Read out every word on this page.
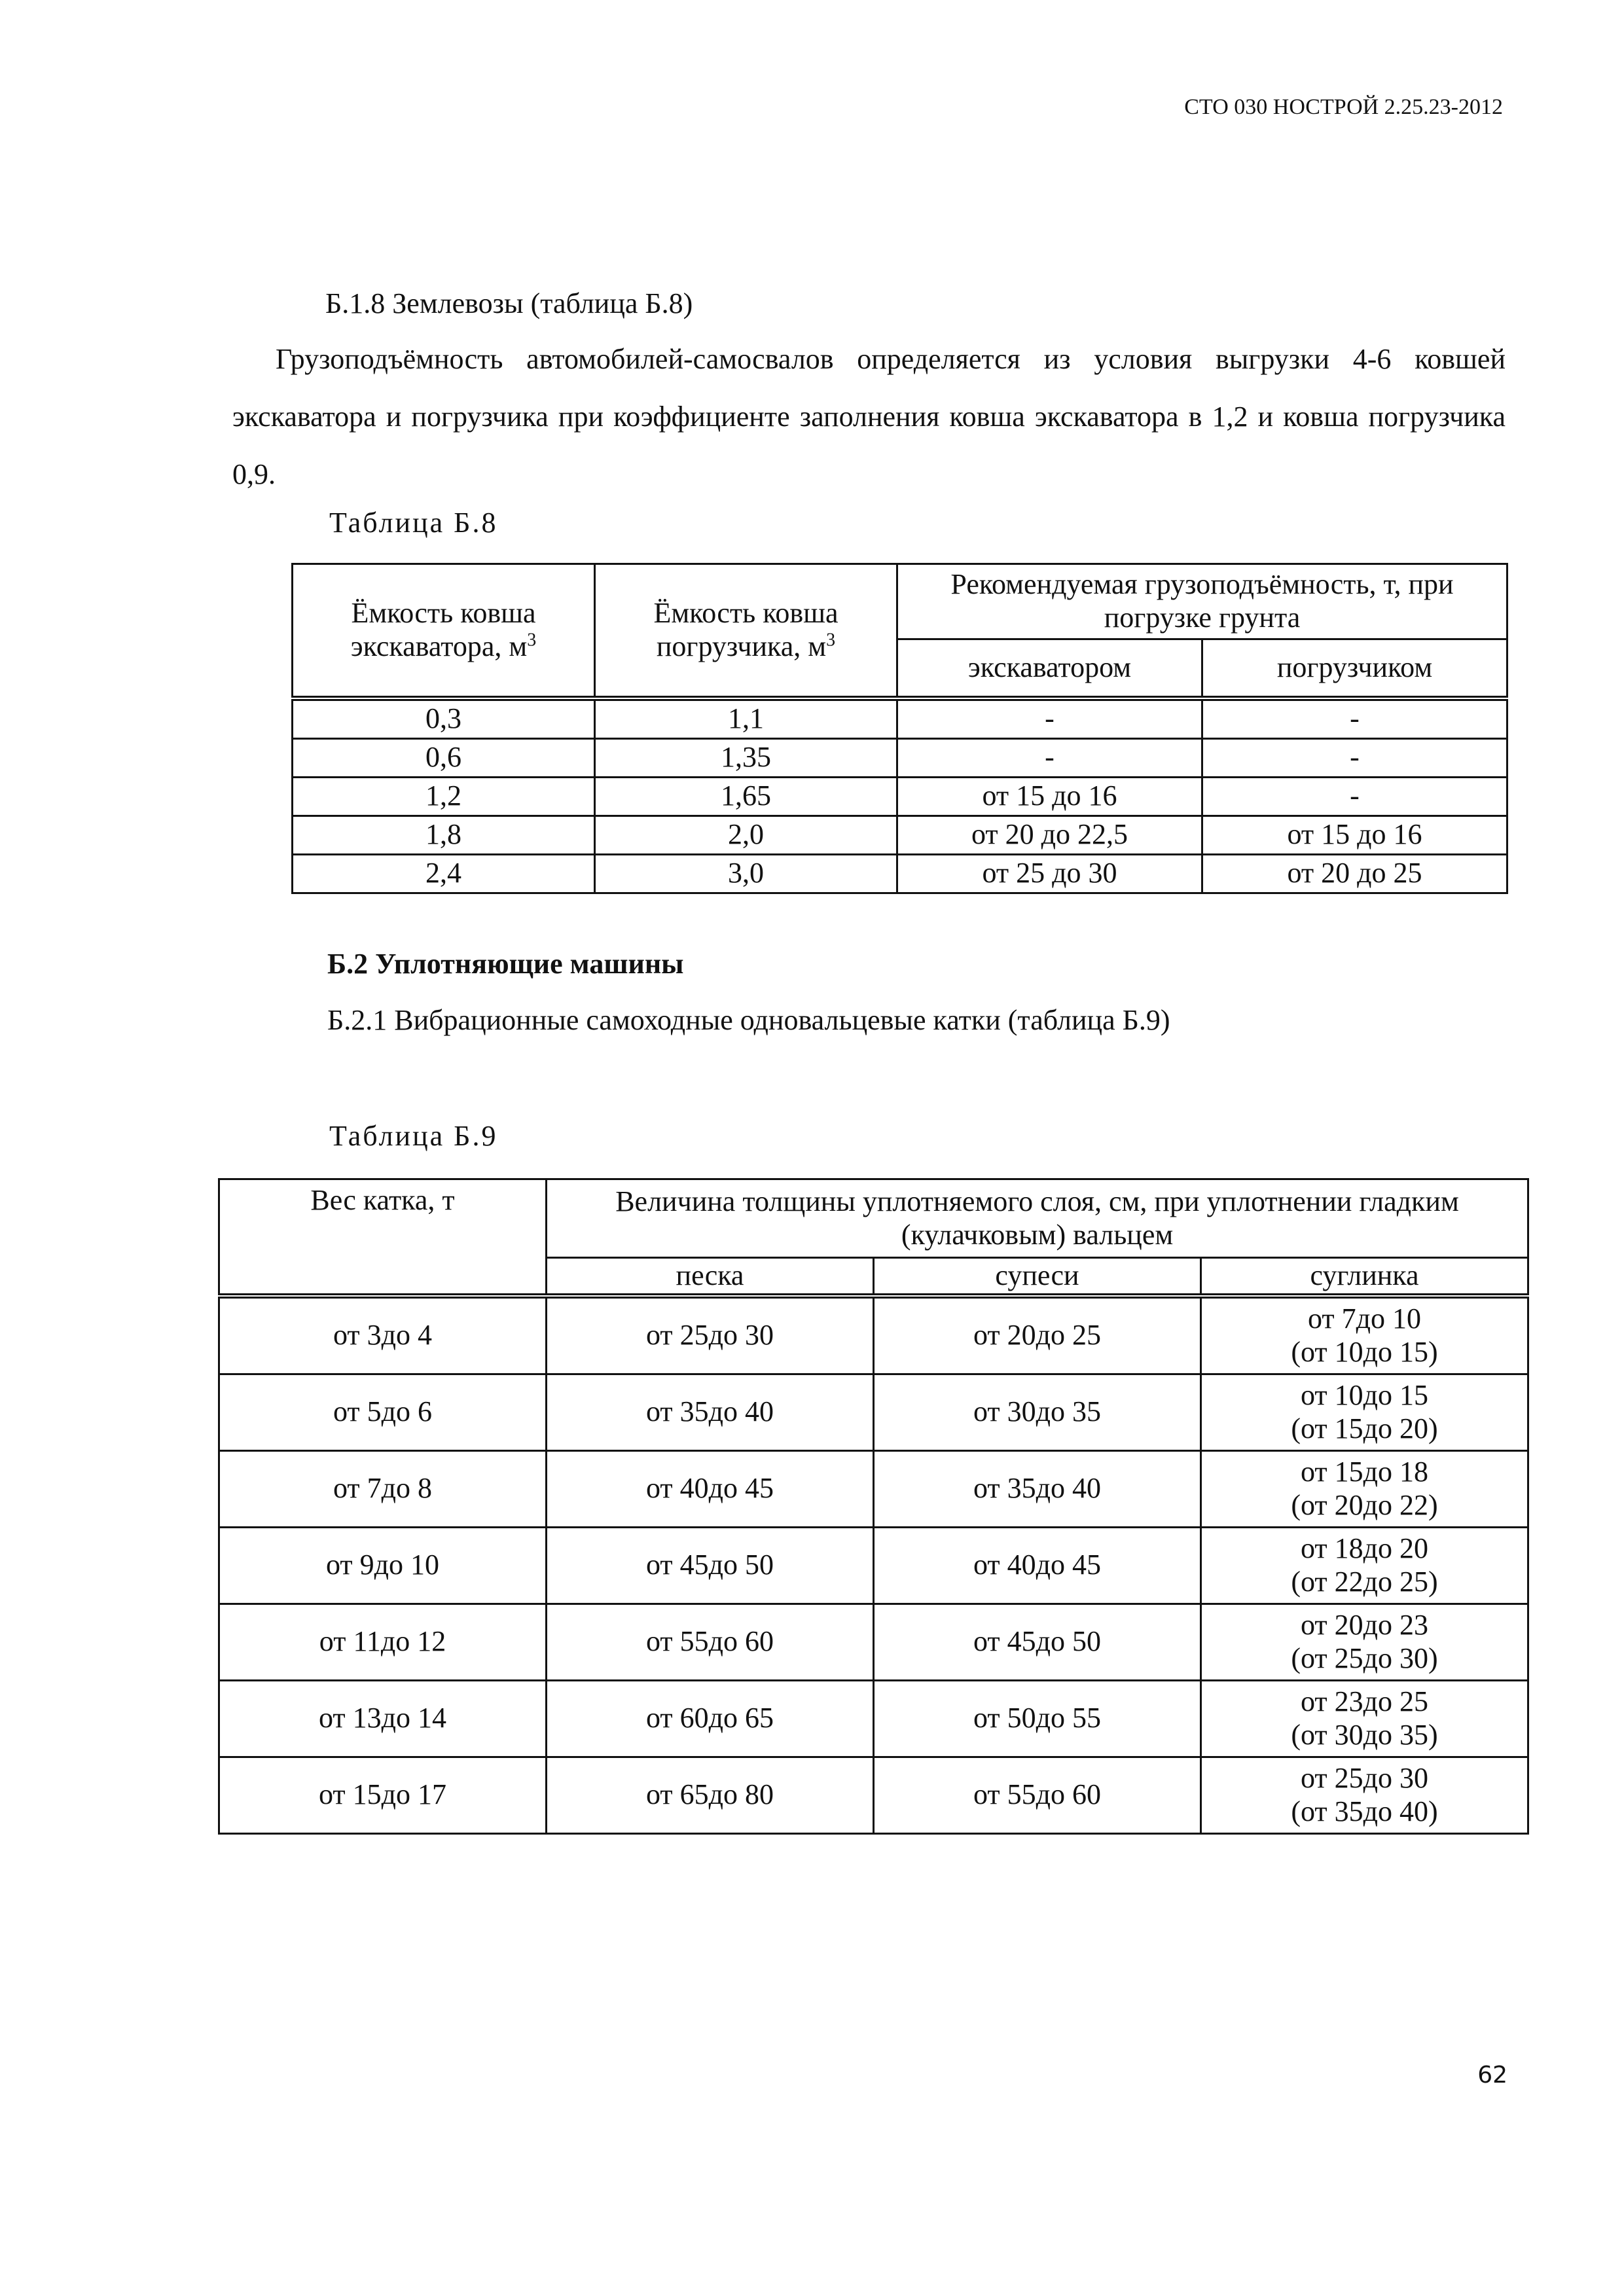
СТО 030 НОСТРОЙ 2.25.23-2012
Б.1.8 Землевозы (таблица Б.8)
Грузоподъёмность автомобилей-самосвалов определяется из условия выгрузки 4-6 ковшей экскаватора и погрузчика при коэффициенте заполнения ковша экскаватора в 1,2 и ковша погрузчика 0,9.
Таблица Б.8
Ёмкость ковша экскаватора, $м^3$	Ёмкость ковша погрузчика, $м^3$	Рекомендуемая грузоподъёмность, т, при погрузке грунта	
		экскаватором	погрузчиком
0,3	1,1	-	-
0,6	1,35	-	-
1,2	1,65	от 15 до 16	-
1,8	2,0	от 20 до 22,5	от 15 до 16
2,4	3,0	от 25 до 30	от 20 до 25
Б.2 Уплотняющие машины
Б.2.1 Вибрационные самоходные одновальцевые катки (таблица Б.9)
Таблица Б.9
Вес катка, т	Величина толщины уплотняемого слоя, см, при уплотнении гладким (кулачковым) вальцем		
	песка	супеси	суглинка
от 3до 4	от 25до 30	от 20до 25	от 7до 10
(от 10до 15)

от 5до 6	от 35до 40	от 30до 35	от 10до 15
(от 15до 20)

от 7до 8	от 40до 45	от 35до 40	от 15до 18
(от 20до 22)

от 9до 10	от 45до 50	от 40до 45	от 18до 20
(от 22до 25)

от 11до 12	от 55до 60	от 45до 50	от 20до 23
(от 25до 30)

от 13до 14	от 60до 65	от 50до 55	от 23до 25
(от 30до 35)

от 15до 17	от 65до 80	от 55до 60	от 25до 30
(от 35до 40)
62
